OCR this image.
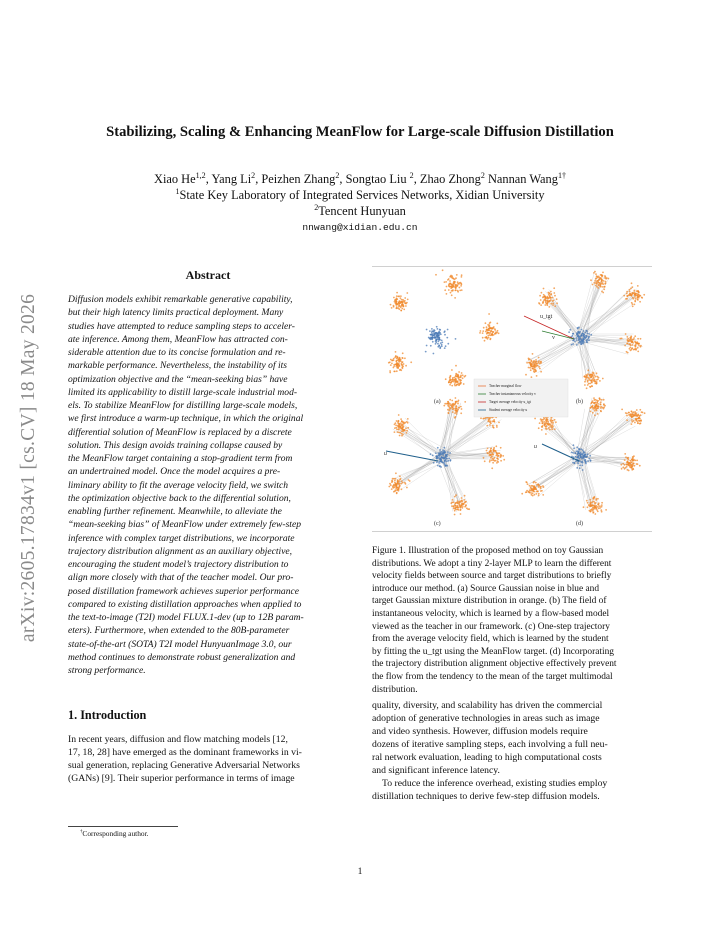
arXiv:2605.17834v1 [cs.CV] 18 May 2026
Stabilizing, Scaling & Enhancing MeanFlow for Large-scale Diffusion Distillation
Xiao He$^{1,2}$, Yang Li$^2$, Peizhen Zhang$^2$, Songtao Liu $^2$, Zhao Zhong$^2$ Nannan Wang$^{1\dagger}$
$^1$State Key Laboratory of Integrated Services Networks, Xidian University
$^2$Tencent Hunyuan
nnwang@xidian.edu.cn
Abstract
Diffusion models exhibit remarkable generative capability,
but their high latency limits practical deployment. Many
studies have attempted to reduce sampling steps to acceler-
ate inference. Among them, MeanFlow has attracted con-
siderable attention due to its concise formulation and re-
markable performance. Nevertheless, the instability of its
optimization objective and the “mean-seeking bias” have
limited its applicability to distill large-scale industrial mod-
els. To stabilize MeanFlow for distilling large-scale models,
we first introduce a warm-up technique, in which the original
differential solution of MeanFlow is replaced by a discrete
solution. This design avoids training collapse caused by
the MeanFlow target containing a stop-gradient term from
an undertrained model. Once the model acquires a pre-
liminary ability to fit the average velocity field, we switch
the optimization objective back to the differential solution,
enabling further refinement. Meanwhile, to alleviate the
“mean-seeking bias” of MeanFlow under extremely few-step
inference with complex target distributions, we incorporate
trajectory distribution alignment as an auxiliary objective,
encouraging the student model’s trajectory distribution to
align more closely with that of the teacher model. Our pro-
posed distillation framework achieves superior performance
compared to existing distillation approaches when applied to
the text-to-image (T2I) model FLUX.1-dev (up to 12B param-
eters). Furthermore, when extended to the 80B-parameter
state-of-the-art (SOTA) T2I model HunyuanImage 3.0, our
method continues to demonstrate robust generalization and
strong performance.
u_tgt
v
u
u
Teacher marginal flow
Teacher instantaneous velocity v
Target average velocity u_tgt
Student average velocity u
(a)	(b)
(c)	(d)
Figure 1. Illustration of the proposed method on toy Gaussian
distributions. We adopt a tiny 2-layer MLP to learn the different
velocity fields between source and target distributions to briefly
introduce our method. (a) Source Gaussian noise in blue and
target Gaussian mixture distribution in orange. (b) The field of
instantaneous velocity, which is learned by a flow-based model
viewed as the teacher in our framework. (c) One-step trajectory
from the average velocity field, which is learned by the student
by fitting the u_tgt using the MeanFlow target. (d) Incorporating
the trajectory distribution alignment objective effectively prevent
the flow from the tendency to the mean of the target multimodal
distribution.
1. Introduction
In recent years, diffusion and flow matching models [12,
17, 18, 28] have emerged as the dominant frameworks in vi-
sual generation, replacing Generative Adversarial Networks
(GANs) [9]. Their superior performance in terms of image
quality, diversity, and scalability has driven the commercial
adoption of generative technologies in areas such as image
and video synthesis. However, diffusion models require
dozens of iterative sampling steps, each involving a full neu-
ral network evaluation, leading to high computational costs
and significant inference latency.
To reduce the inference overhead, existing studies employ
distillation techniques to derive few-step diffusion models.
†Corresponding author.
1
